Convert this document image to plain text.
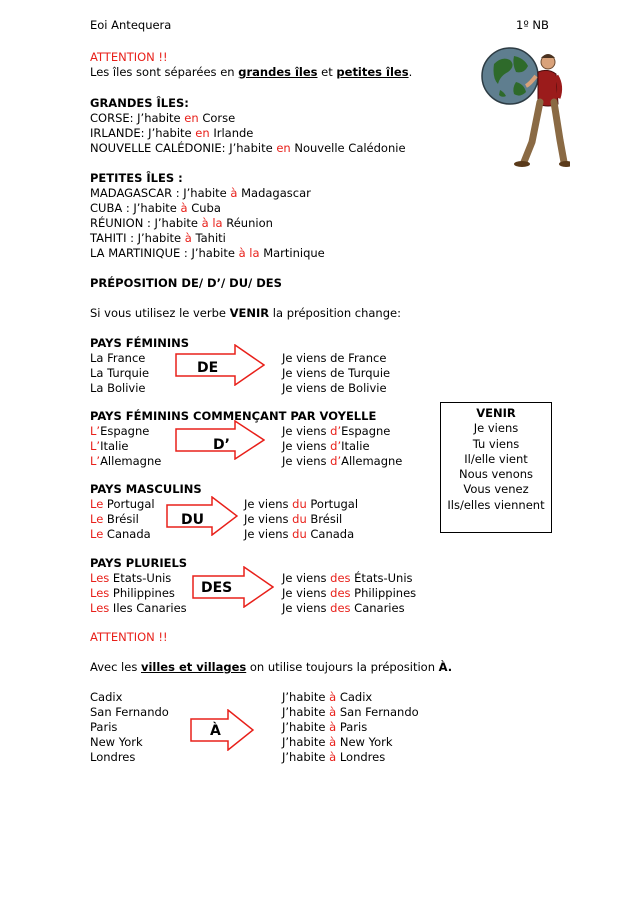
Eoi Antequera	1º NB
ATTENTION !!
Les îles sont séparées en grandes îles et petites îles.
GRANDES ÎLES:
CORSE: J’habite en Corse
IRLANDE: J’habite en Irlande
NOUVELLE CALÉDONIE: J’habite en Nouvelle Calédonie
PETITES ÎLES :
MADAGASCAR : J’habite à Madagascar
CUBA : J’habite à Cuba
RÉUNION : J’habite à la Réunion
TAHITI : J’habite à Tahiti
LA MARTINIQUE : J’habite à la Martinique
PRÉPOSITION DE/ D’/ DU/ DES
Si vous utilisez le verbe VENIR la préposition change:
PAYS FÉMININS
La France
La Turquie
La Bolivie
Je viens de France
Je viens de Turquie
Je viens de Bolivie
PAYS FÉMININS COMMENÇANT PAR VOYELLE
L’Espagne
L’Italie
L’Allemagne
Je viens d’Espagne
Je viens d’Italie
Je viens d’Allemagne
PAYS MASCULINS
Le Portugal
Le Brésil
Le Canada
Je viens du Portugal
Je viens du Brésil
Je viens du Canada
PAYS PLURIELS
Les Etats-Unis
Les Philippines
Les Iles Canaries
Je viens des États-Unis
Je viens des Philippines
Je viens des Canaries
ATTENTION !!
Avec les villes et villages on utilise toujours la préposition À.
Cadix
San Fernando
Paris
New York
Londres
J’habite à Cadix
J’habite à San Fernando
J’habite à Paris
J’habite à New York
J’habite à Londres
VENIR
Je viens
Tu viens
Il/elle vient
Nous venons
Vous venez
Ils/elles viennent
DE
D’
DU
DES
À
